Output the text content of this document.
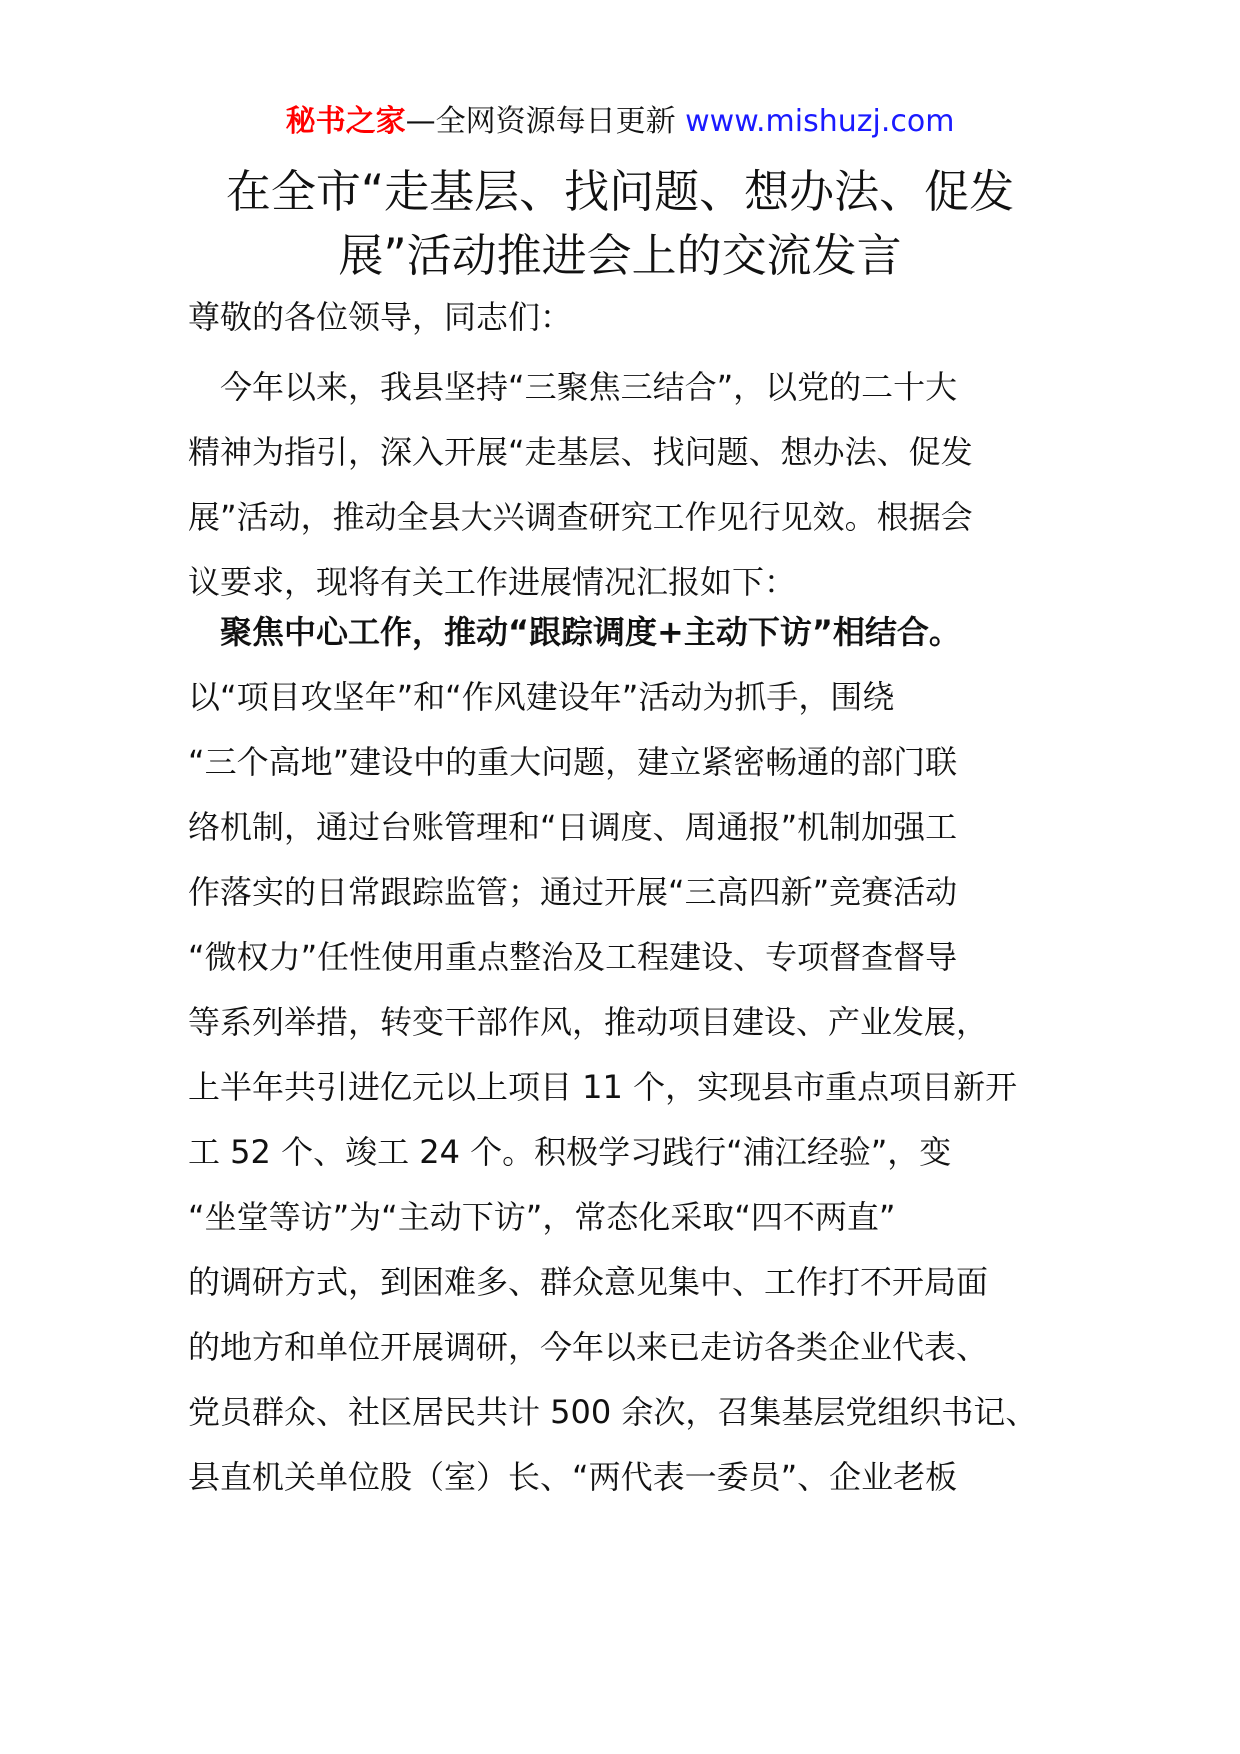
秘书之家—全网资源每日更新 www.mishuzj.com
在全市“走基层、找问题、想办法、促发
展”活动推进会上的交流发言
尊敬的各位领导，同志们：
　今年以来，我县坚持“三聚焦三结合”，以党的二十大
精神为指引，深入开展“走基层、找问题、想办法、促发
展”活动，推动全县大兴调查研究工作见行见效。根据会
议要求，现将有关工作进展情况汇报如下：
　聚焦中心工作，推动“跟踪调度+主动下访”相结合。
以“项目攻坚年”和“作风建设年”活动为抓手，围绕
“三个高地”建设中的重大问题，建立紧密畅通的部门联
络机制，通过台账管理和“日调度、周通报”机制加强工
作落实的日常跟踪监管；通过开展“三高四新”竞赛活动
“微权力”任性使用重点整治及工程建设、专项督查督导
等系列举措，转变干部作风，推动项目建设、产业发展，
上半年共引进亿元以上项目 11 个，实现县市重点项目新开
工 52 个、竣工 24 个。积极学习践行“浦江经验”，变
“坐堂等访”为“主动下访”，常态化采取“四不两直”
的调研方式，到困难多、群众意见集中、工作打不开局面
的地方和单位开展调研，今年以来已走访各类企业代表、
党员群众、社区居民共计 500 余次，召集基层党组织书记、
县直机关单位股（室）长、“两代表一委员”、企业老板
